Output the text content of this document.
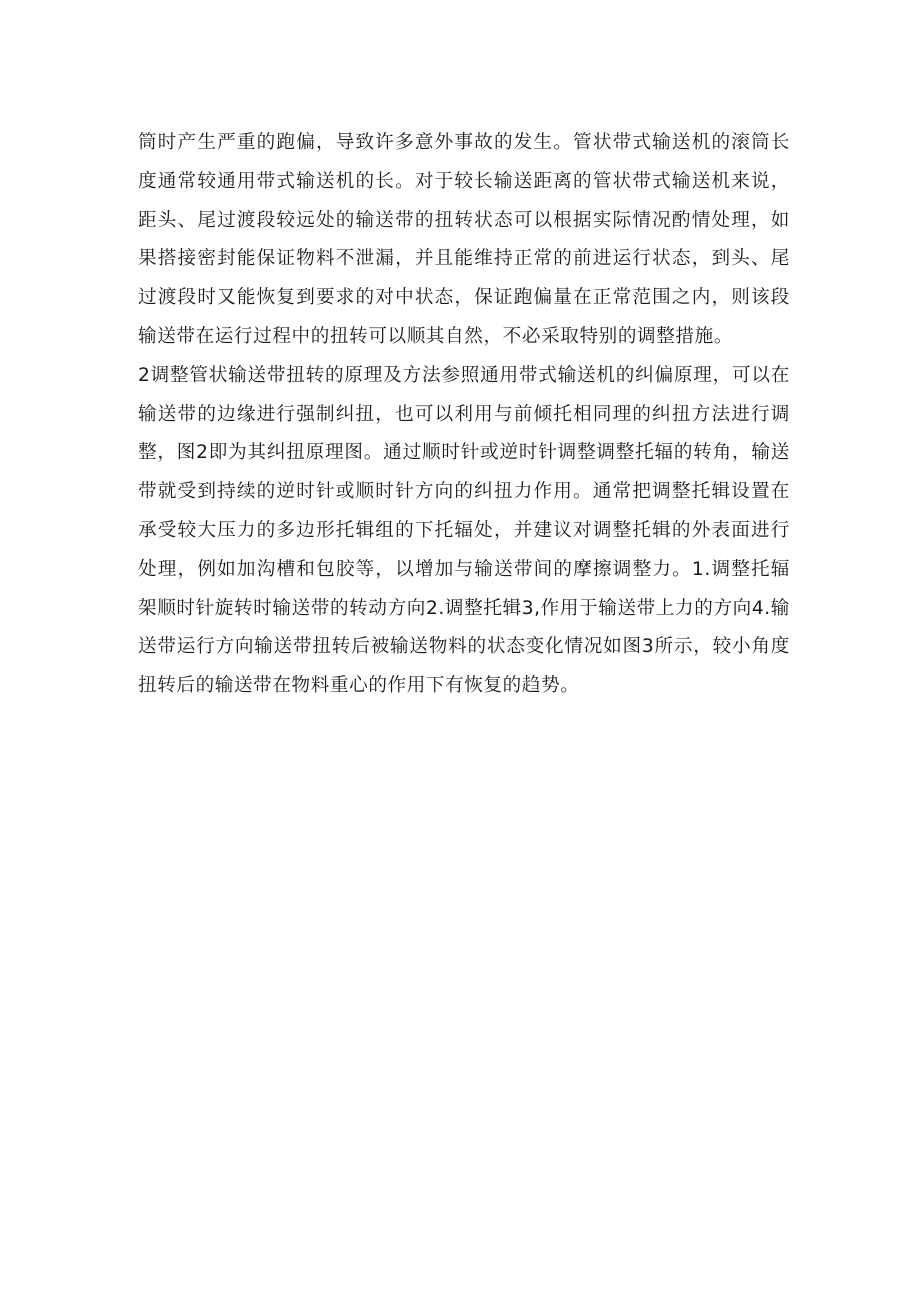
筒时产生严重的跑偏，导致许多意外事故的发生。管状带式输送机的滚筒长度通常较通用带式输送机的长。对于较长输送距离的管状带式输送机来说，距头、尾过渡段较远处的输送带的扭转状态可以根据实际情况酌情处理，如果搭接密封能保证物料不泄漏，并且能维持正常的前进运行状态，到头、尾过渡段时又能恢复到要求的对中状态，保证跑偏量在正常范围之内，则该段输送带在运行过程中的扭转可以顺其自然，不必采取特别的调整措施。

2调整管状输送带扭转的原理及方法参照通用带式输送机的纠偏原理，可以在输送带的边缘进行强制纠扭，也可以利用与前倾托相同理的纠扭方法进行调整，图2即为其纠扭原理图。通过顺时针或逆时针调整调整托辐的转角，输送带就受到持续的逆时针或顺时针方向的纠扭力作用。通常把调整托辑设置在承受较大压力的多边形托辑组的下托辐处，并建议对调整托辑的外表面进行处理，例如加沟槽和包胶等，以增加与输送带间的摩擦调整力。1.调整托辐架顺时针旋转时输送带的转动方向2.调整托辑3,作用于输送带上力的方向4.输送带运行方向输送带扭转后被输送物料的状态变化情况如图3所示，较小角度扭转后的输送带在物料重心的作用下有恢复的趋势。
